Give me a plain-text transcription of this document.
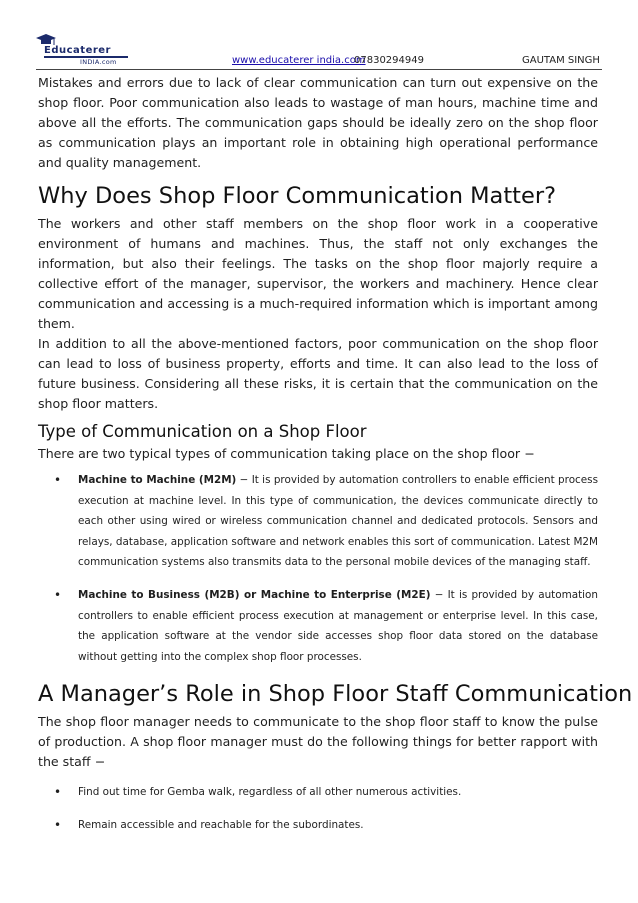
Educaterer
INDIA.com	www.educaterer india.com
07830294949	GAUTAM SINGH

Mistakes and errors due to lack of clear communication can turn out expensive on the shop floor. Poor communication also leads to wastage of man hours, machine time and above all the efforts. The communication gaps should be ideally zero on the shop floor as communication plays an important role in obtaining high operational performance and quality management.

Why Does Shop Floor Communication Matter?

The workers and other staff members on the shop floor work in a cooperative environment of humans and machines. Thus, the staff not only exchanges the information, but also their feelings. The tasks on the shop floor majorly require a collective effort of the manager, supervisor, the workers and machinery. Hence clear communication and accessing is a much-required information which is important among them.

In addition to all the above-mentioned factors, poor communication on the shop floor can lead to loss of business property, efforts and time. It can also lead to the loss of future business. Considering all these risks, it is certain that the communication on the shop floor matters.

Type of Communication on a Shop Floor

There are two typical types of communication taking place on the shop floor −

• Machine to Machine (M2M) − It is provided by automation controllers to enable efficient process execution at machine level. In this type of communication, the devices communicate directly to each other using wired or wireless communication channel and dedicated protocols. Sensors and relays, database, application software and network enables this sort of communication. Latest M2M communication systems also transmits data to the personal mobile devices of the managing staff.
• Machine to Business (M2B) or Machine to Enterprise (M2E) − It is provided by automation controllers to enable efficient process execution at management or enterprise level. In this case, the application software at the vendor side accesses shop floor data stored on the database without getting into the complex shop floor processes.
A Manager’s Role in Shop Floor Staff Communication

The shop floor manager needs to communicate to the shop floor staff to know the pulse of production. A shop floor manager must do the following things for better rapport with the staff −

• Find out time for Gemba walk, regardless of all other numerous activities.
• Remain accessible and reachable for the subordinates.
